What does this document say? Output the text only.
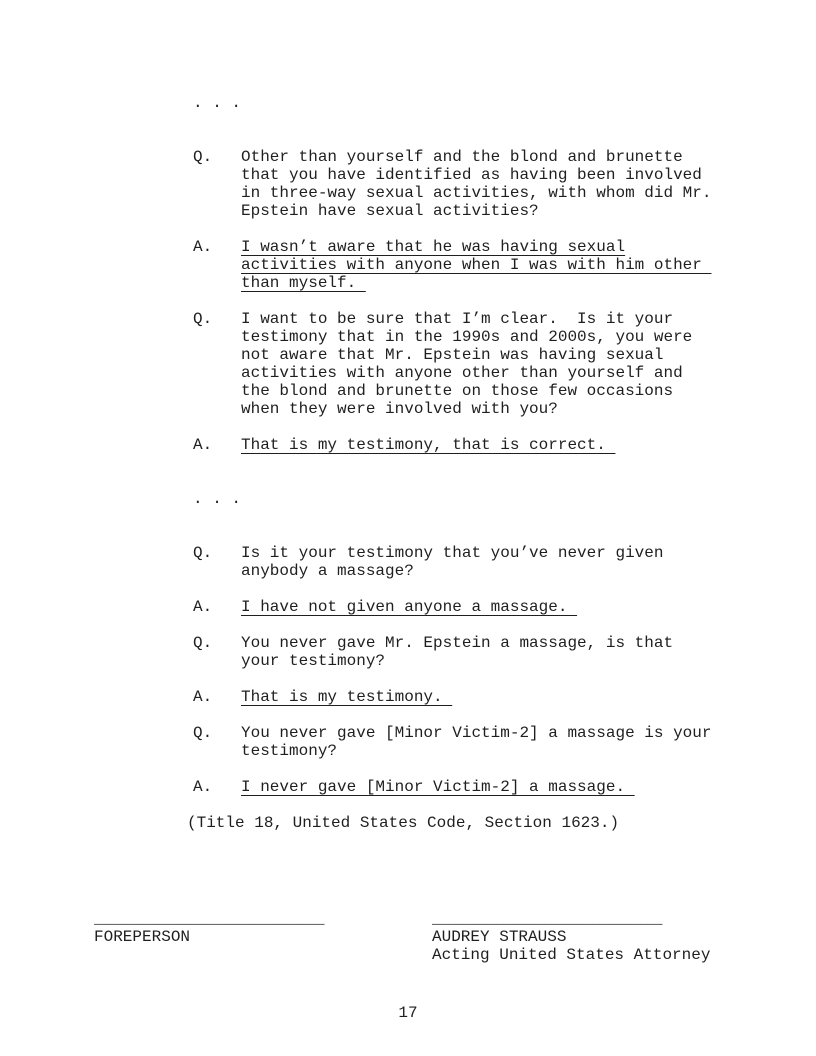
. . .
Q.	Other than yourself and the blond and brunette
that you have identified as having been involved
in three-way sexual activities, with whom did Mr.
Epstein have sexual activities?
A.	I wasn’t aware that he was having sexual
activities with anyone when I was with him other
than myself.
Q.	I want to be sure that I’m clear.  Is it your
testimony that in the 1990s and 2000s, you were
not aware that Mr. Epstein was having sexual
activities with anyone other than yourself and
the blond and brunette on those few occasions
when they were involved with you?
A.	That is my testimony, that is correct.
. . .
Q.	Is it your testimony that you’ve never given
anybody a massage?
A.	I have not given anyone a massage.
Q.	You never gave Mr. Epstein a massage, is that
your testimony?
A.	That is my testimony.
Q.	You never gave [Minor Victim-2] a massage is your
testimony?
A.	I never gave [Minor Victim-2] a massage.
(Title 18, United States Code, Section 1623.)
________________________
FOREPERSON
________________________
AUDREY STRAUSS
Acting United States Attorney
17
